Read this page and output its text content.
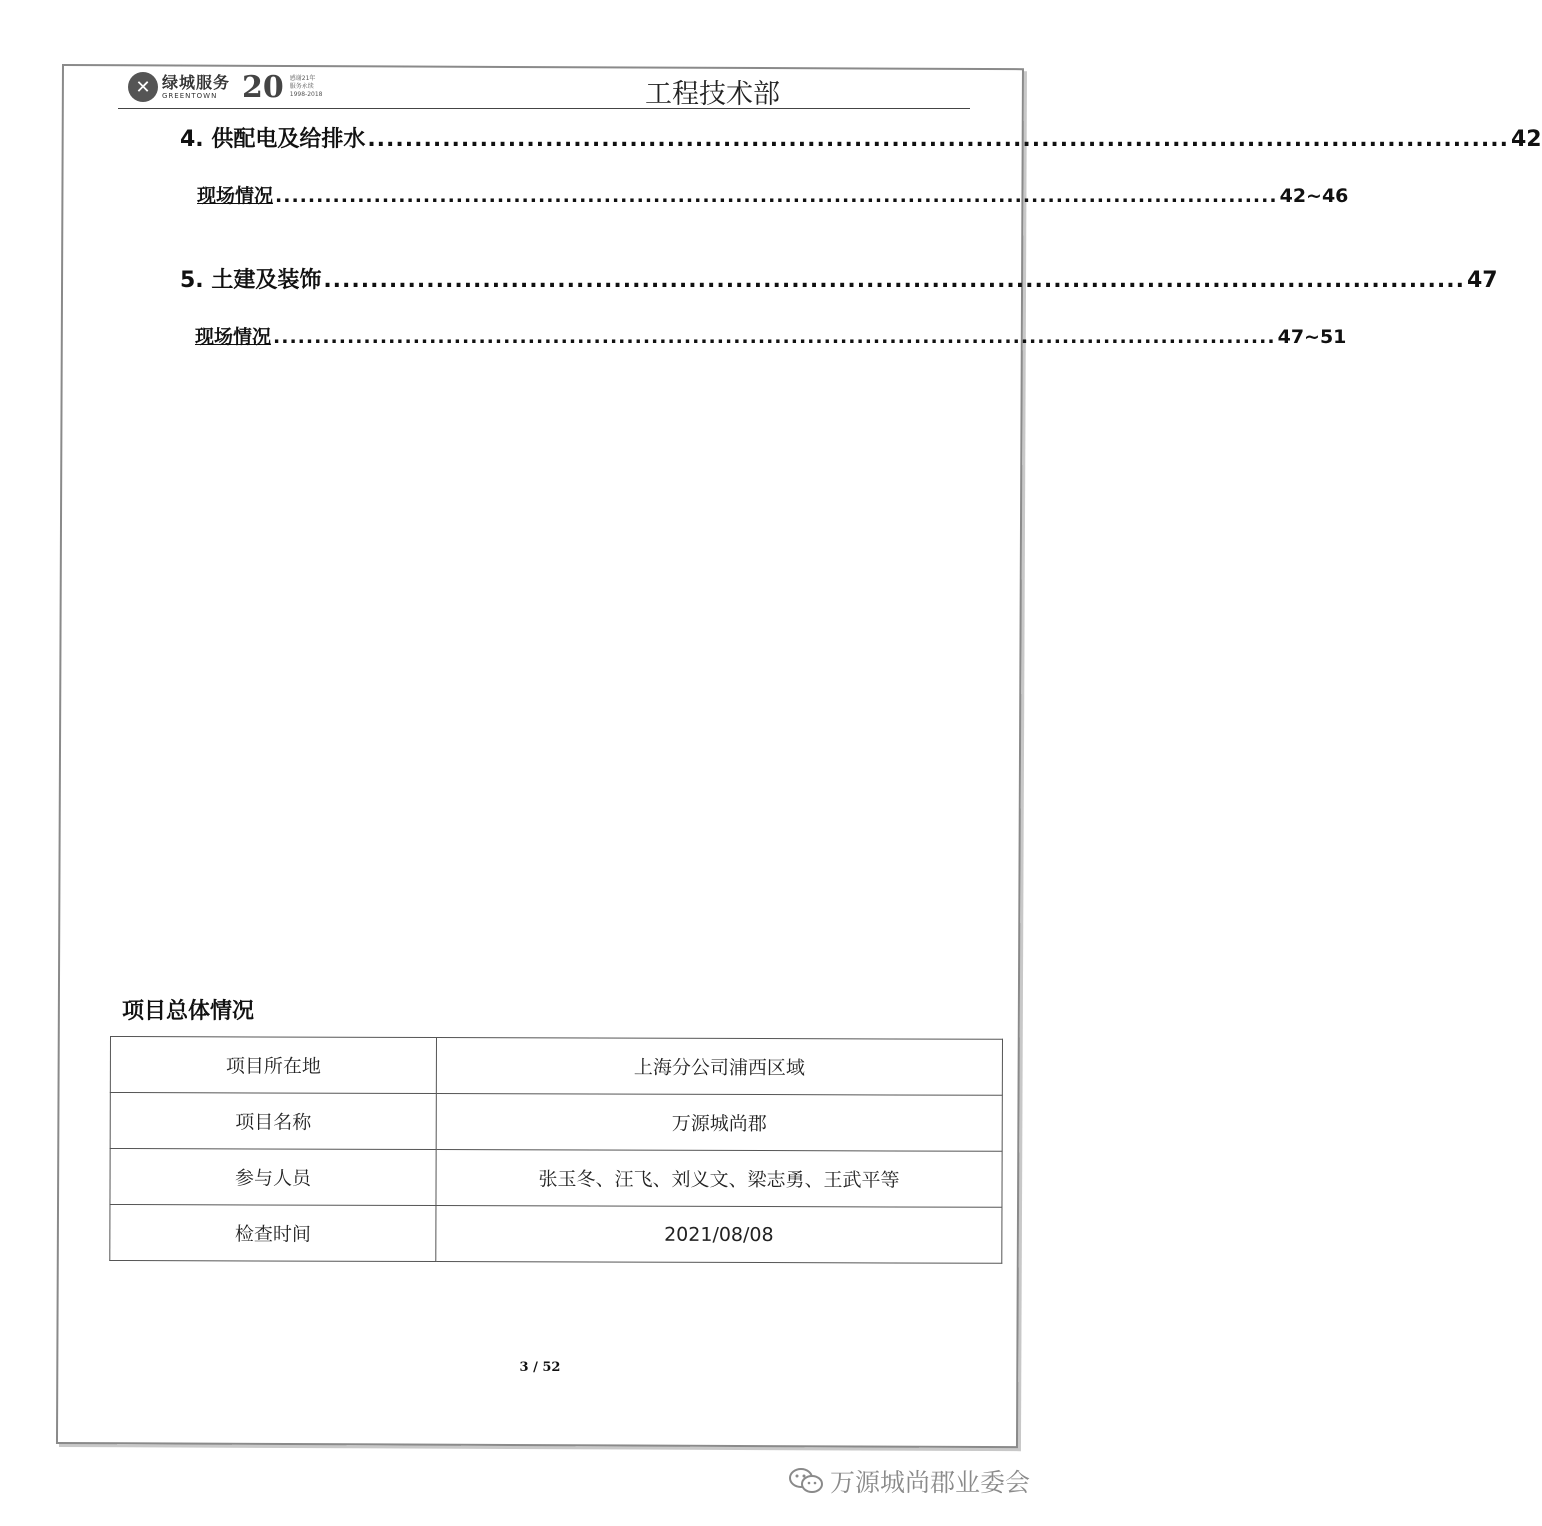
✕ 绿城服务
GREENTOWN 20 感谢21年
服务永续
1998-2018	工程技术部
4. 供配电及给排水 .......................................................................................................................... 42
现场情况 .......................................................................................................................... 42~46
5. 土建及装饰 .......................................................................................................................... 47
现场情况 .......................................................................................................................... 47~51
项目总体情况
项目所在地	上海分公司浦西区域
项目名称	万源城尚郡
参与人员	张玉冬、汪飞、刘义文、梁志勇、王武平等
检查时间	2021/08/08
3 / 52
万源城尚郡业委会
